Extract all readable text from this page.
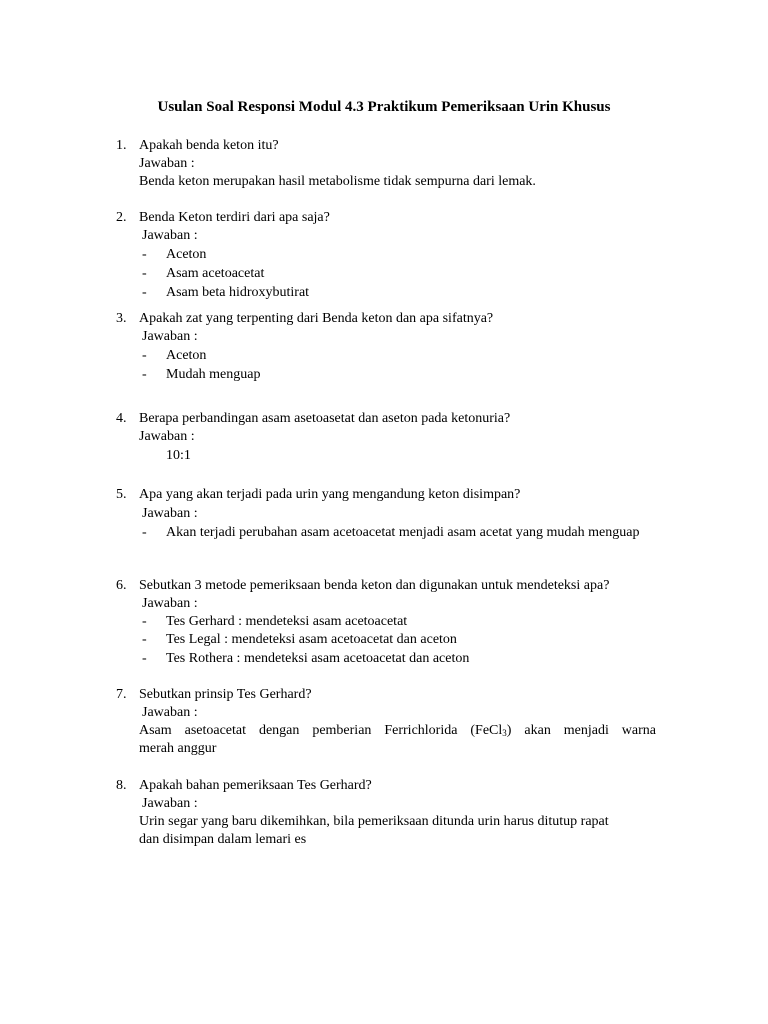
Usulan Soal Responsi Modul 4.3 Praktikum Pemeriksaan Urin Khusus
1. Apakah benda keton itu?
Jawaban :
Benda keton merupakan hasil metabolisme tidak sempurna dari lemak.
2. Benda Keton terdiri dari apa saja?
Jawaban :
- Aceton
- Asam acetoacetat
- Asam beta hidroxybutirat
3. Apakah zat yang terpenting dari Benda keton dan apa sifatnya?
Jawaban :
- Aceton
- Mudah menguap
4. Berapa perbandingan asam asetoasetat dan aseton pada ketonuria?
Jawaban :
10:1
5. Apa yang akan terjadi pada urin yang mengandung keton disimpan?
Jawaban :
- Akan terjadi perubahan asam acetoacetat menjadi asam acetat yang mudah menguap
6. Sebutkan 3 metode pemeriksaan benda keton dan digunakan untuk mendeteksi apa?
Jawaban :
- Tes Gerhard : mendeteksi asam acetoacetat
- Tes Legal : mendeteksi asam acetoacetat dan aceton
- Tes Rothera : mendeteksi asam acetoacetat dan aceton
7. Sebutkan prinsip Tes Gerhard?
Jawaban :
Asam asetoacetat dengan pemberian Ferrichlorida (FeCl$_3$) akan menjadi warna
merah anggur
8. Apakah bahan pemeriksaan Tes Gerhard?
Jawaban :
Urin segar yang baru dikemihkan, bila pemeriksaan ditunda urin harus ditutup rapat
dan disimpan dalam lemari es
